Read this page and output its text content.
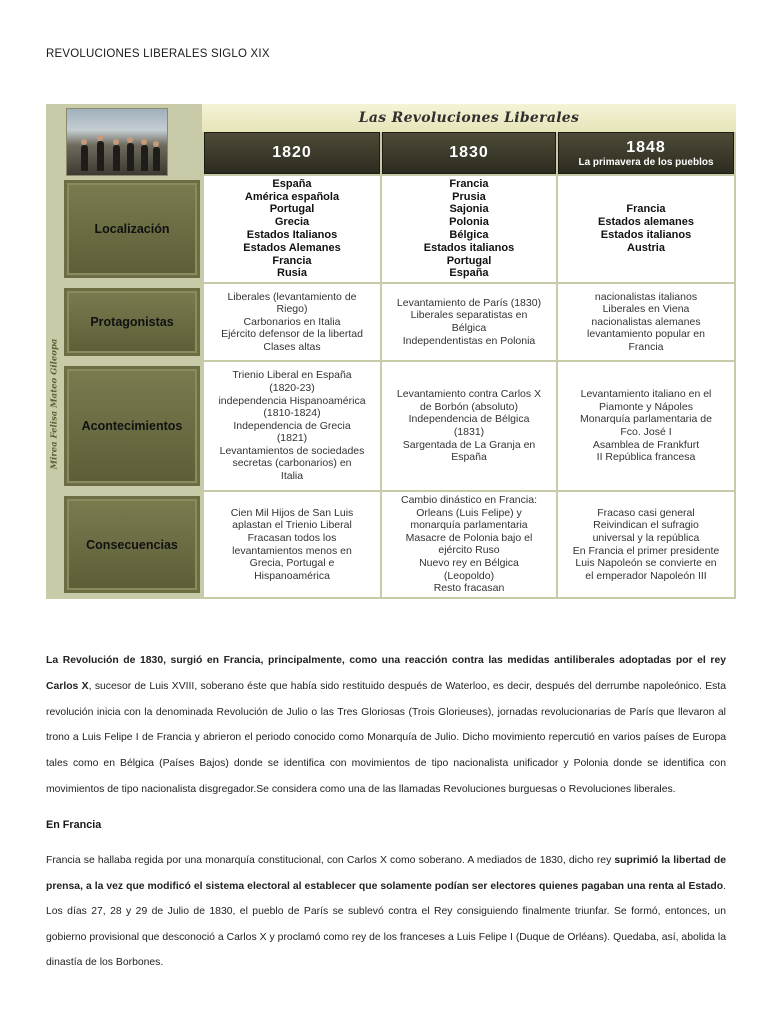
REVOLUCIONES LIBERALES SIGLO XIX
Las Revoluciones Liberales
Mirea Felisa Mateo Gileopa
1820	1830	1848
La primavera de los pueblos
Localización
España
América española
Portugal
Grecia
Estados Italianos
Estados Alemanes
Francia
Rusia
Francia
Prusia
Sajonia
Polonia
Bélgica
Estados italianos
Portugal
España
Francia
Estados alemanes
Estados italianos
Austria
Protagonistas
Liberales (levantamiento de
Riego)
Carbonarios en Italia
Ejército defensor de la libertad
Clases altas
Levantamiento de París (1830)
Liberales separatistas en
Bélgica
Independentistas en Polonia
nacionalistas italianos
Liberales en Viena
nacionalistas alemanes
levantamiento popular en
Francia
Acontecimientos
Trienio Liberal en España
(1820-23)
independencia Hispanoamérica
(1810-1824)
Independencia de Grecia
(1821)
Levantamientos de sociedades
secretas (carbonarios) en
Italia
Levantamiento contra Carlos X
de Borbón (absoluto)
Independencia de Bélgica
(1831)
Sargentada de La Granja en
España
Levantamiento italiano en el
Piamonte y Nápoles
Monarquía parlamentaria de
Fco. José I
Asamblea de Frankfurt
II República francesa
Consecuencias
Cien Mil Hijos de San Luis
aplastan el Trienio Liberal
Fracasan todos los
levantamientos menos en
Grecia, Portugal e
Hispanoamérica
Cambio dinástico en Francia:
Orleans (Luis Felipe) y
monarquía parlamentaria
Masacre de Polonia bajo el
ejército Ruso
Nuevo rey en Bélgica
(Leopoldo)
Resto fracasan
Fracaso casi general
Reivindican el sufragio
universal y la república
En Francia el primer presidente
Luis Napoleón se convierte en
el emperador Napoleón III
La Revolución de 1830, surgió en Francia, principalmente, como una reacción contra las medidas antiliberales adoptadas por el rey Carlos X, sucesor de Luis XVIII, soberano éste que había sido restituido después de Waterloo, es decir, después del derrumbe napoleónico. Esta revolución inicia con la denominada Revolución de Julio o las Tres Gloriosas (Trois Glorieuses), jornadas revolucionarias de París que llevaron al trono a Luis Felipe I de Francia y abrieron el periodo conocido como Monarquía de Julio. Dicho movimiento repercutió en varios países de Europa tales como en Bélgica (Países Bajos) donde se identifica con movimientos de tipo nacionalista unificador y Polonia donde se identifica con movimientos de tipo nacionalista disgregador.Se considera como una de las llamadas Revoluciones burguesas o Revoluciones liberales.
En Francia
Francia se hallaba regida por una monarquía constitucional, con Carlos X como soberano. A mediados de 1830, dicho rey suprimió la libertad de prensa, a la vez que modificó el sistema electoral al establecer que solamente podían ser electores quienes pagaban una renta al Estado. Los días 27, 28 y 29 de Julio de 1830, el pueblo de París se sublevó contra el Rey consiguiendo finalmente triunfar. Se formó, entonces, un gobierno provisional que desconoció a Carlos X y proclamó como rey de los franceses a Luis Felipe I (Duque de Orléans). Quedaba, así, abolida la dinastía de los Borbones.
